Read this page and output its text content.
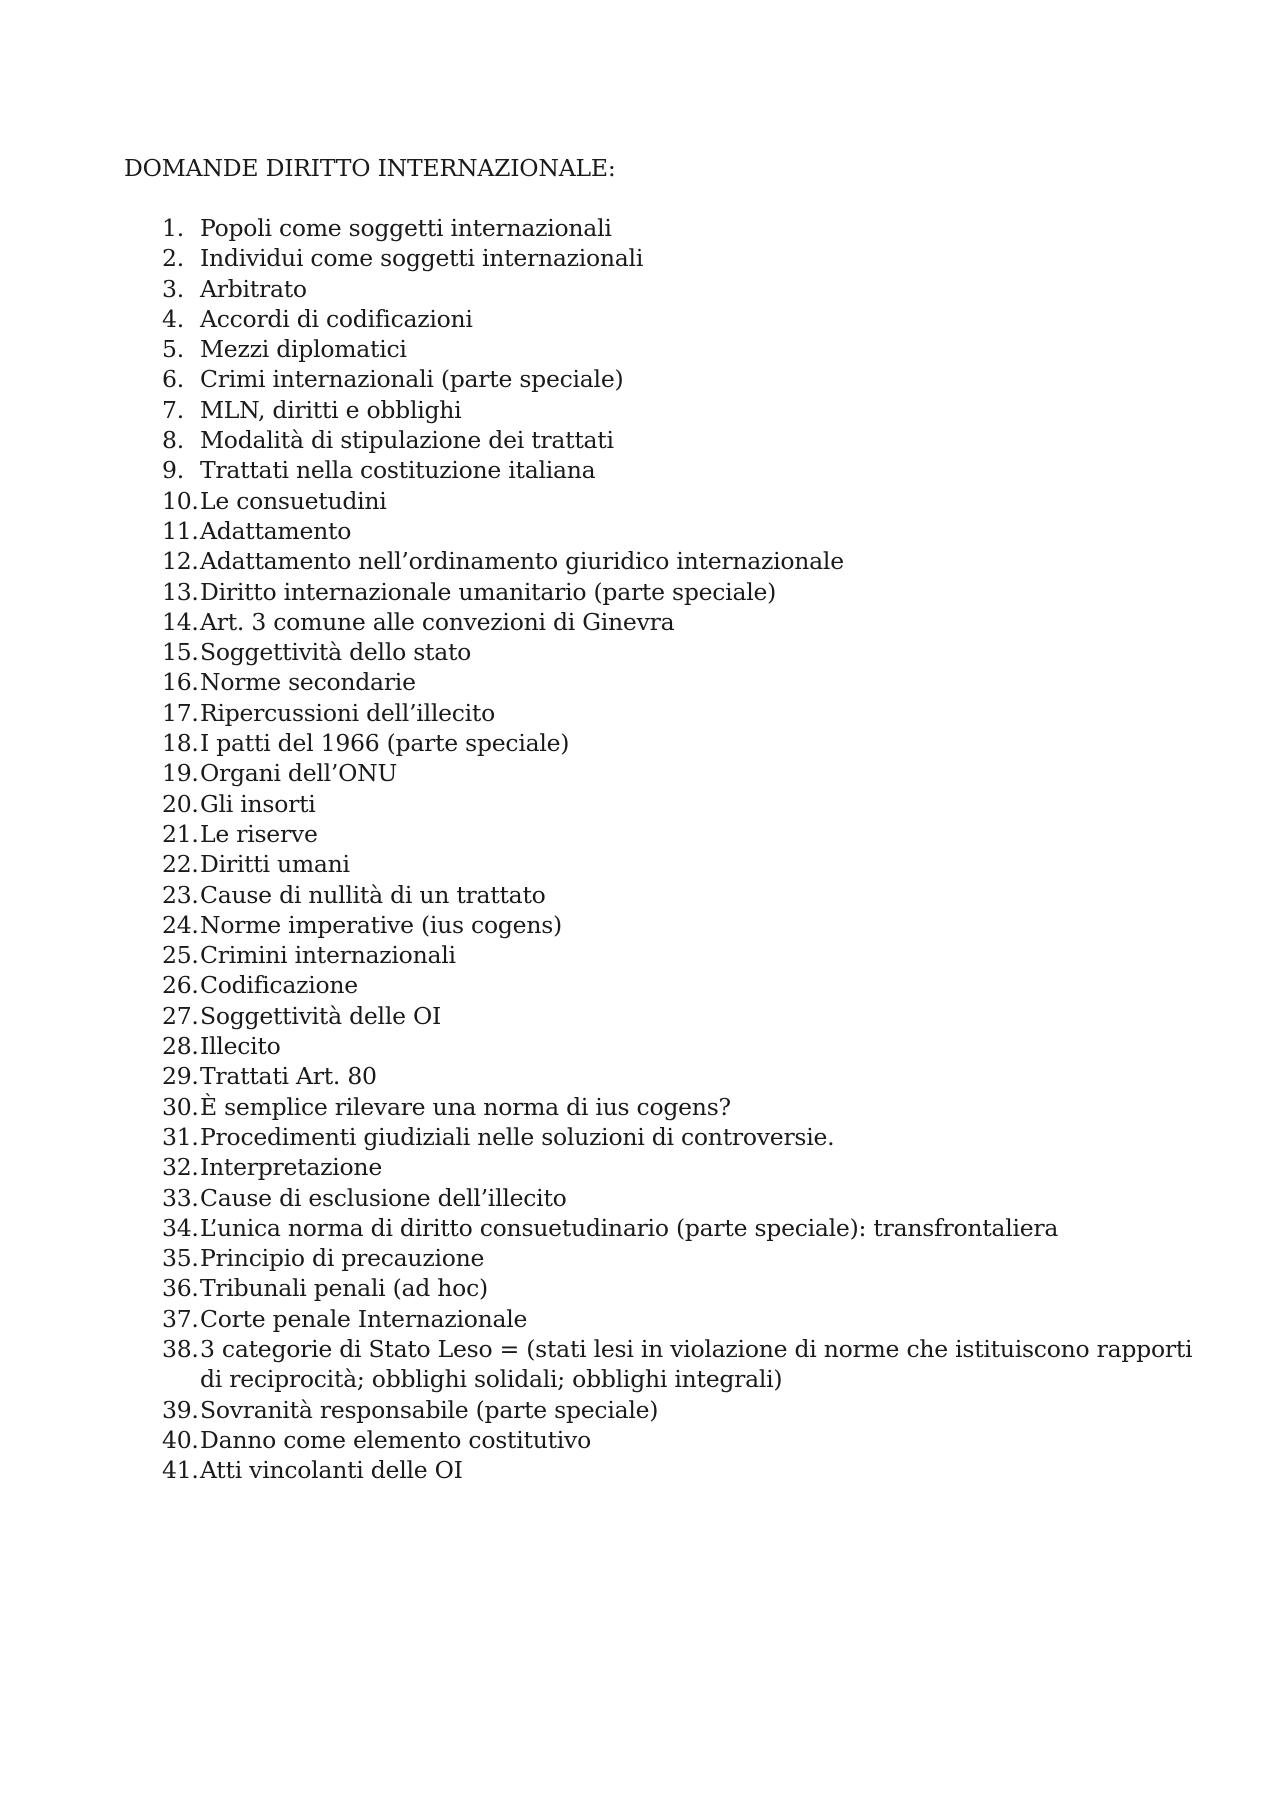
DOMANDE DIRITTO INTERNAZIONALE:
1. Popoli come soggetti internazionali
2. Individui come soggetti internazionali
3. Arbitrato
4. Accordi di codificazioni
5. Mezzi diplomatici
6. Crimi internazionali (parte speciale)
7. MLN, diritti e obblighi
8. Modalità di stipulazione dei trattati
9. Trattati nella costituzione italiana
10. Le consuetudini
11. Adattamento
12. Adattamento nell’ordinamento giuridico internazionale
13. Diritto internazionale umanitario (parte speciale)
14. Art. 3 comune alle convezioni di Ginevra
15. Soggettività dello stato
16. Norme secondarie
17. Ripercussioni dell’illecito
18. I patti del 1966 (parte speciale)
19. Organi dell’ONU
20. Gli insorti
21. Le riserve
22. Diritti umani
23. Cause di nullità di un trattato
24. Norme imperative (ius cogens)
25. Crimini internazionali
26. Codificazione
27. Soggettività delle OI
28. Illecito
29. Trattati Art. 80
30. È semplice rilevare una norma di ius cogens?
31. Procedimenti giudiziali nelle soluzioni di controversie.
32. Interpretazione
33. Cause di esclusione dell’illecito
34. L’unica norma di diritto consuetudinario (parte speciale): transfrontaliera
35. Principio di precauzione
36. Tribunali penali (ad hoc)
37. Corte penale Internazionale
38. 3 categorie di Stato Leso = (stati lesi in violazione di norme che istituiscono rapporti di reciprocità; obblighi solidali; obblighi integrali)
39. Sovranità responsabile (parte speciale)
40. Danno come elemento costitutivo
41. Atti vincolanti delle OI
